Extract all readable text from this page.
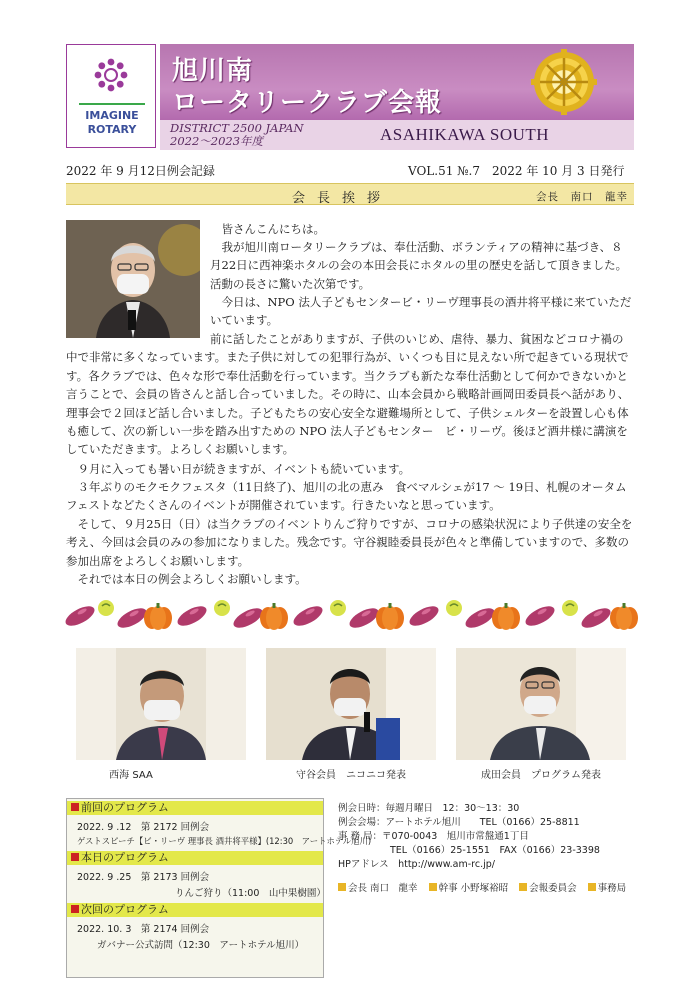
IMAGINE
ROTARY
旭川南
ロータリークラブ会報
DISTRICT 2500 JAPAN
2022〜2023年度	ASAHIKAWA SOUTH
2022 年 9 月12日例会記録	VOL.51 №.7　2022 年 10 月 3 日発行
会長挨拶	会長　南口　龍幸
皆さんこんにちは。
我が旭川南ロータリークラブは、奉仕活動、ボランティアの精神に基づき、８月22日に西神楽ホタルの会の本田会長にホタルの里の歴史を話して頂きました。活動の長さに驚いた次第です。
今日は、NPO 法人子どもセンタービ・リーヴ理事長の酒井将平様に来ていただいています。
前に話したことがありますが、子供のいじめ、虐待、暴力、貧困などコロナ禍の中で非常に多くなっています。また子供に対しての犯罪行為が、いくつも目に見えない所で起きている現状です。各クラブでは、色々な形で奉仕活動を行っています。当クラブも新たな奉仕活動として何かできないかと言うことで、会員の皆さんと話し合っていました。その時に、山本会員から戦略計画岡田委員長へ話があり、理事会で２回ほど話し合いました。子どもたちの安心安全な避難場所として、子供シェルターを設置し心も体も癒して、次の新しい一歩を踏み出すための NPO 法人子どもセンター　ビ・リーヴ。後ほど酒井様に講演をしていただきます。よろしくお願いします。
９月に入っても暑い日が続きますが、イベントも続いています。
３年ぶりのモクモクフェスタ（11日終了)、旭川の北の恵み　食べマルシェが17 〜 19日、札幌のオータムフェストなどたくさんのイベントが開催されています。行きたいなと思っています。
そして、９月25日（日）は当クラブのイベントりんご狩りですが、コロナの感染状況により子供達の安全を考え、今回は会員のみの参加になりました。残念です。守谷親睦委員長が色々と準備していますので、多数の参加出席をよろしくお願いします。
それでは本日の例会よろしくお願いします。
西海 SAA	守谷会員　ニコニコ発表	成田会員　プログラム発表
前回のプログラム
2022. 9 .12　第 2172 回例会
ゲストスピーチ【ビ・リーヴ 理事長 酒井将平様】(12:30　アートホテル旭川)
本日のプログラム
2022. 9 .25　第 2173 回例会
りんご狩り（11:00　山中果樹園）
次回のプログラム
2022. 10. 3　第 2174 回例会
ガバナー公式訪問（12:30　アートホテル旭川）
例会日時：毎週月曜日　12：30〜13：30
例会会場：アートホテル旭川　　TEL（0166）25-8811
事 務 局：〒070-0043　旭川市常盤通1丁目
TEL（0166）25-1551　FAX（0166）23-3398
HPアドレス　http://www.am-rc.jp/
会長 南口　龍幸 幹事 小野塚裕昭 会報委員会 事務局
